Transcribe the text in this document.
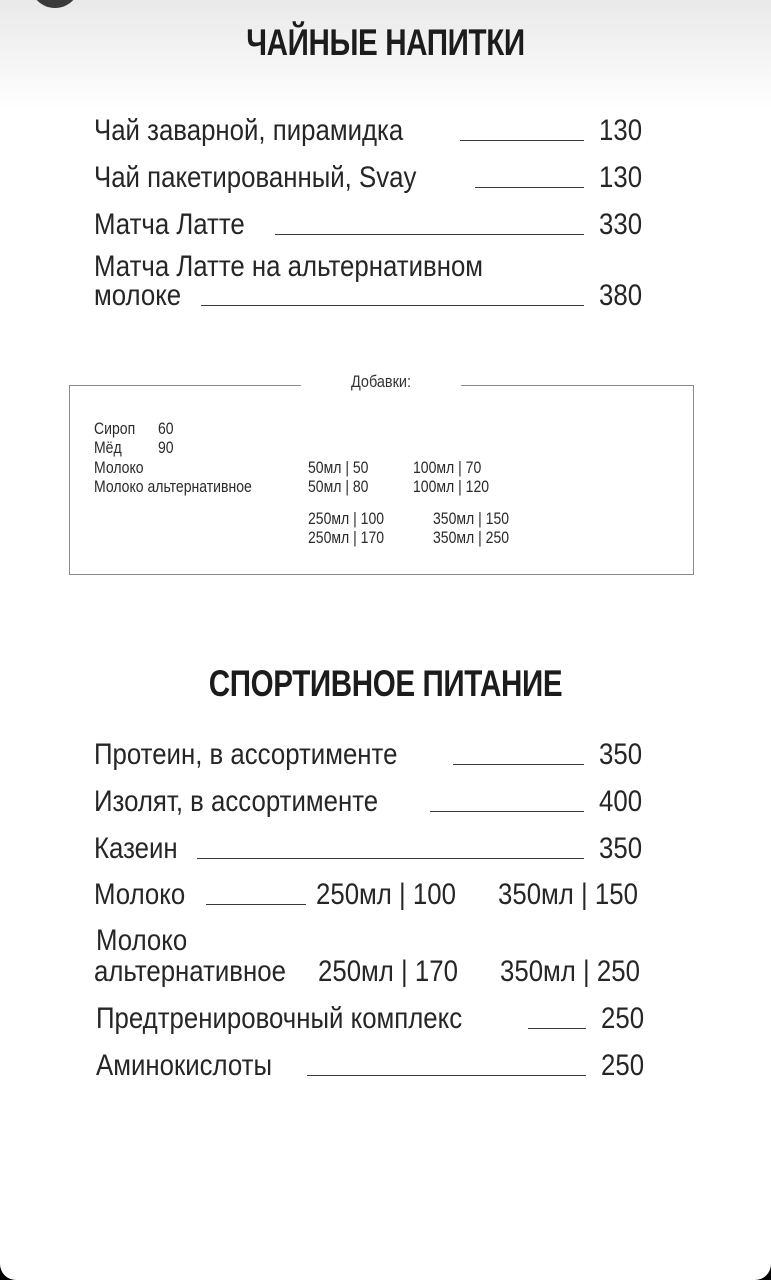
ЧАЙНЫЕ НАПИТКИ
Чай заварной, пирамидка	130
Чай пакетированный, Svay	130
Матча Латте	330
Матча Латте на альтернативном
молоке	380
Добавки:
Сироп 60
Мёд 90
Молоко	50мл | 50	100мл | 70
Молоко альтернативное	50мл | 80	100мл | 120
250мл | 100	350мл | 150
250мл | 170	350мл | 250
СПОРТИВНОЕ ПИТАНИЕ
Протеин, в ассортименте	350
Изолят, в ассортименте	400
Казеин	350
Молоко	250мл | 100 350мл | 150
Молоко
альтернативное 250мл | 170 350мл | 250
Предтренировочный комплекс	250
Аминокислоты	250
